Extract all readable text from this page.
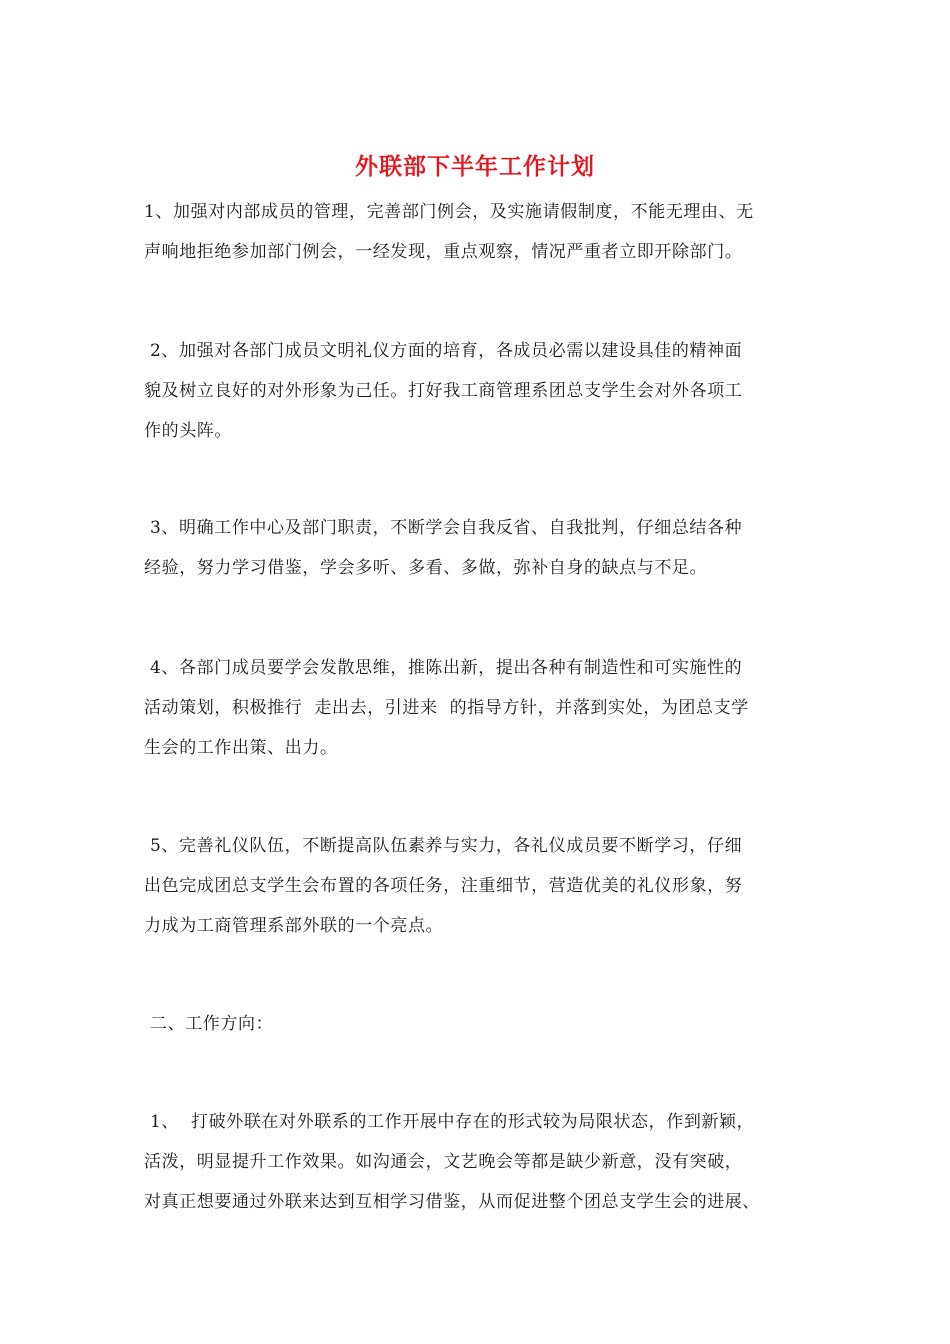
外联部下半年工作计划

1、加强对内部成员的管理，完善部门例会，及实施请假制度，不能无理由、无
声响地拒绝参加部门例会，一经发现，重点观察，情况严重者立即开除部门。

2、加强对各部门成员文明礼仪方面的培育，各成员必需以建设具佳的精神面
貌及树立良好的对外形象为己任。打好我工商管理系团总支学生会对外各项工
作的头阵。

3、明确工作中心及部门职责，不断学会自我反省、自我批判，仔细总结各种
经验，努力学习借鉴，学会多听、多看、多做，弥补自身的缺点与不足。

4、各部门成员要学会发散思维，推陈出新，提出各种有制造性和可实施性的
活动策划，积极推行  走出去，引进来  的指导方针，并落到实处，为团总支学
生会的工作出策、出力。

5、完善礼仪队伍，不断提高队伍素养与实力，各礼仪成员要不断学习，仔细
出色完成团总支学生会布置的各项任务，注重细节，营造优美的礼仪形象，努
力成为工商管理系部外联的一个亮点。

二、工作方向：

1、  打破外联在对外联系的工作开展中存在的形式较为局限状态，作到新颖，
活泼，明显提升工作效果。如沟通会，文艺晚会等都是缺少新意，没有突破，
对真正想要通过外联来达到互相学习借鉴，从而促进整个团总支学生会的进展、
